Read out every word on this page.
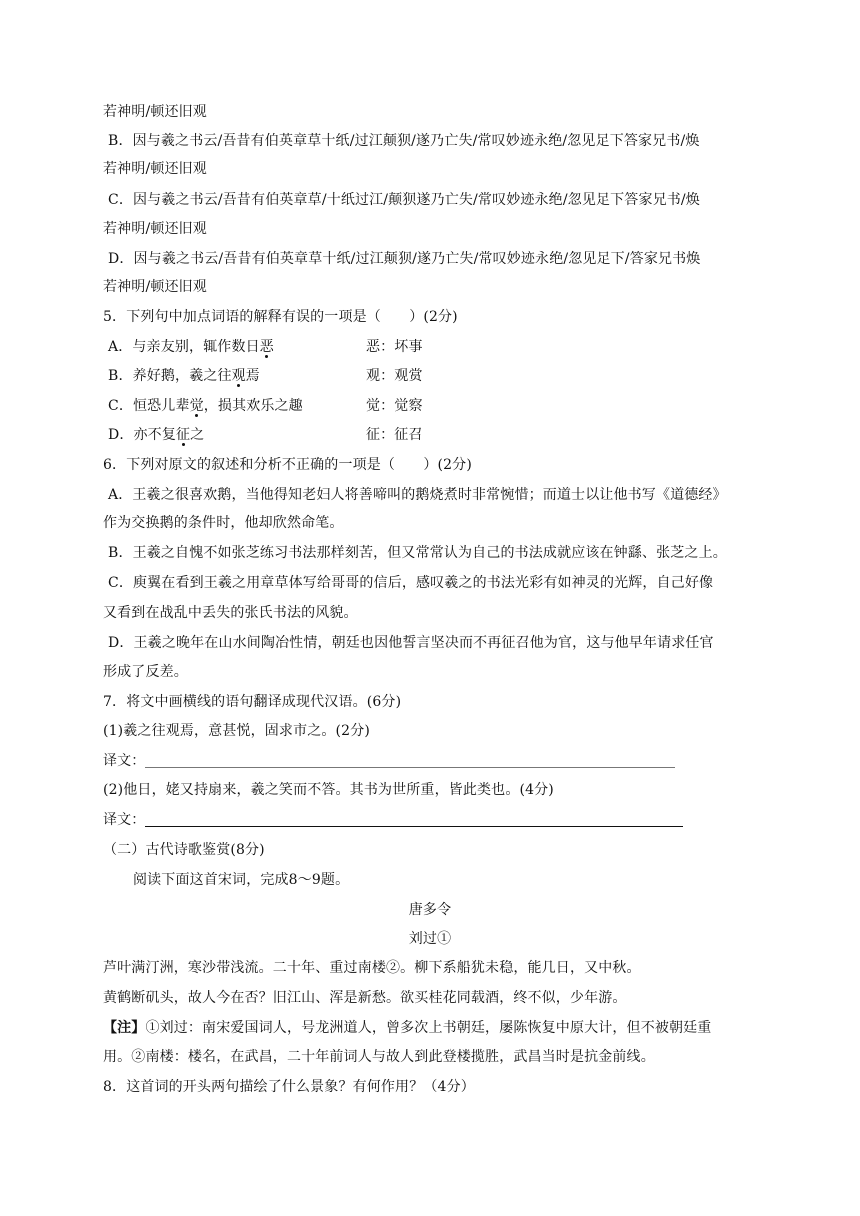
若神明/顿还旧观
B．因与羲之书云/吾昔有伯英章草十纸/过江颠狈/遂乃亡失/常叹妙迹永绝/忽见足下答家兄书/焕
若神明/顿还旧观
C．因与羲之书云/吾昔有伯英章草/十纸过江/颠狈遂乃亡失/常叹妙迹永绝/忽见足下答家兄书/焕
若神明/顿还旧观
D．因与羲之书云/吾昔有伯英章草十纸/过江颠狈/遂乃亡失/常叹妙迹永绝/忽见足下/答家兄书焕
若神明/顿还旧观
5．下列句中加点词语的解释有误的一项是（　　）(2分)
A．与亲友别，辄作数日恶	恶：坏事
B．养好鹅，羲之往观焉	观：观赏
C．恒恐儿辈觉，损其欢乐之趣	觉：觉察
D．亦不复征之	征：征召
6．下列对原文的叙述和分析不正确的一项是（　　）(2分)
A．王羲之很喜欢鹅，当他得知老妇人将善啼叫的鹅烧煮时非常惋惜；而道士以让他书写《道德经》
作为交换鹅的条件时，他却欣然命笔。
B．王羲之自愧不如张芝练习书法那样刻苦，但又常常认为自己的书法成就应该在钟繇、张芝之上。
C．庾翼在看到王羲之用章草体写给哥哥的信后，感叹羲之的书法光彩有如神灵的光辉，自己好像
又看到在战乱中丢失的张氏书法的风貌。
D．王羲之晚年在山水间陶冶性情，朝廷也因他誓言坚决而不再征召他为官，这与他早年请求任官
形成了反差。
7．将文中画横线的语句翻译成现代汉语。(6分)
(1)羲之往观焉，意甚悦，固求市之。(2分)
译文：
(2)他日，姥又持扇来，羲之笑而不答。其书为世所重，皆此类也。(4分)
译文：
（二）古代诗歌鉴赏(8分)
阅读下面这首宋词，完成8～9题。
唐多令
刘过①
芦叶满汀洲，寒沙带浅流。二十年、重过南楼②。柳下系船犹未稳，能几日，又中秋。
黄鹤断矶头，故人今在否？旧江山、浑是新愁。欲买桂花同载酒，终不似，少年游。
【注】①刘过：南宋爱国词人，号龙洲道人，曾多次上书朝廷，屡陈恢复中原大计，但不被朝廷重
用。②南楼：楼名，在武昌，二十年前词人与故人到此登楼揽胜，武昌当时是抗金前线。
8．这首词的开头两句描绘了什么景象？有何作用？（4分）
